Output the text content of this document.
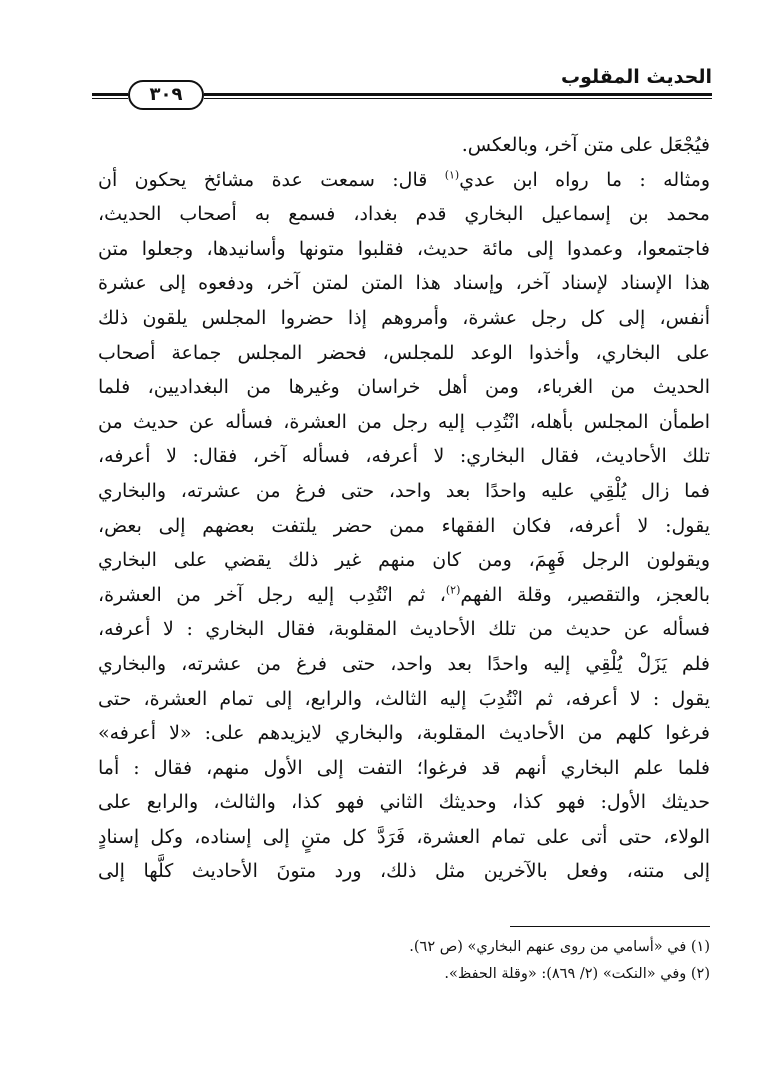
الحديث المقلوب
٣٠٩
فيُجْعَل على متن آخر، وبالعكس.
ومثاله : ما رواه ابن عدي$^{(١)}$ قال: سمعت عدة مشائخ يحكون أن
محمد بن إسماعيل البخاري قدم بغداد، فسمع به أصحاب الحديث،
فاجتمعوا، وعمدوا إلى مائة حديث، فقلبوا متونها وأسانيدها، وجعلوا متن
هذا الإسناد لإسناد آخر، وإسناد هذا المتن لمتن آخر، ودفعوه إلى عشرة
أنفس، إلى كل رجل عشرة، وأمروهم إذا حضروا المجلس يلقون ذلك
على البخاري، وأخذوا الوعد للمجلس، فحضر المجلس جماعة أصحاب
الحديث من الغرباء، ومن أهل خراسان وغيرها من البغداديين، فلما
اطمأن المجلس بأهله، انْتُدِب إليه رجل من العشرة، فسأله عن حديث من
تلك الأحاديث، فقال البخاري: لا أعرفه، فسأله آخر، فقال: لا أعرفه،
فما زال يُلْقِي عليه واحدًا بعد واحد، حتى فرغ من عشرته، والبخاري
يقول: لا أعرفه، فكان الفقهاء ممن حضر يلتفت بعضهم إلى بعض،
ويقولون الرجل فَهِمَ، ومن كان منهم غير ذلك يقضي على البخاري
بالعجز، والتقصير، وقلة الفهم$^{(٢)}$، ثم انْتُدِب إليه رجل آخر من العشرة،
فسأله عن حديث من تلك الأحاديث المقلوبة، فقال البخاري : لا أعرفه،
فلم يَزَلْ يُلْقِي إليه واحدًا بعد واحد، حتى فرغ من عشرته، والبخاري
يقول : لا أعرفه، ثم انْتُدِبَ إليه الثالث، والرابع، إلى تمام العشرة، حتى
فرغوا كلهم من الأحاديث المقلوبة، والبخاري لايزيدهم على: «لا أعرفه»
فلما علم البخاري أنهم قد فرغوا؛ التفت إلى الأول منهم، فقال : أما
حديثك الأول: فهو كذا، وحديثك الثاني فهو كذا، والثالث، والرابع على
الولاء، حتى أتى على تمام العشرة، فَرَدَّ كل متنٍ إلى إسناده، وكل إسنادٍ
إلى متنه، وفعل بالآخرين مثل ذلك، ورد متونَ الأحاديث كلَّها إلى
(١) في «أسامي من روى عنهم البخاري» (ص ٦٢).
(٢) وفي «النكت» (٢/ ٨٦٩): «وقلة الحفظ».
